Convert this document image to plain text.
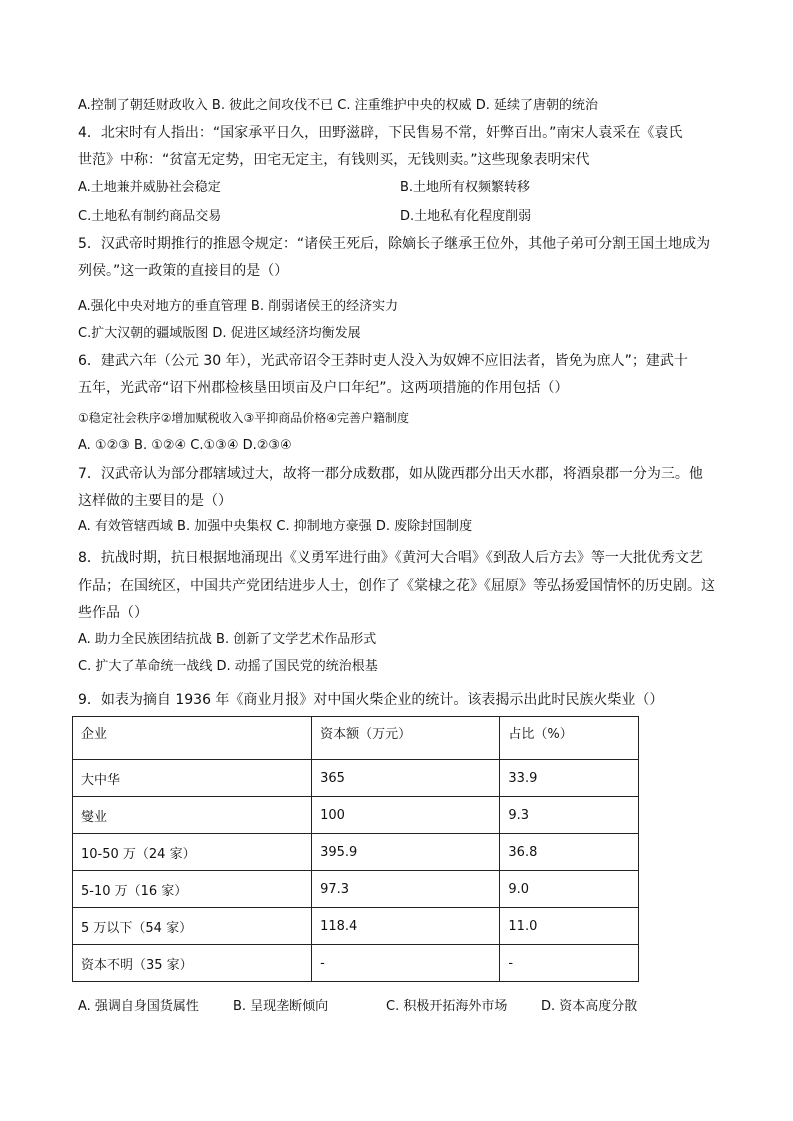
A.控制了朝廷财政收入 B. 彼此之间攻伐不已 C. 注重维护中央的权威 D. 延续了唐朝的统治
4．北宋时有人指出：“国家承平日久，田野滋辟，下民售易不常，奸弊百出。”南宋人袁采在《袁氏
世范》中称：“贫富无定势，田宅无定主，有钱则买，无钱则卖。”这些现象表明宋代
A.土地兼并威胁社会稳定	B.土地所有权频繁转移
C.土地私有制约商品交易	D.土地私有化程度削弱
5．汉武帝时期推行的推恩令规定：“诸侯王死后，除嫡长子继承王位外，其他子弟可分割王国土地成为
列侯。”这一政策的直接目的是（）
A.强化中央对地方的垂直管理 B. 削弱诸侯王的经济实力
C.扩大汉朝的疆域版图 D. 促进区域经济均衡发展
6．建武六年（公元 30 年），光武帝诏令王莽时吏人没入为奴婢不应旧法者，皆免为庶人”；建武十
五年，光武帝“诏下州郡检核垦田顷亩及户口年纪”。这两项措施的作用包括（）
①稳定社会秩序②增加赋税收入③平抑商品价格④完善户籍制度
A. ①②③ B. ①②④ C.①③④ D.②③④
7．汉武帝认为部分郡辖域过大，故将一郡分成数郡，如从陇西郡分出天水郡，将酒泉郡一分为三。他
这样做的主要目的是（）
A. 有效管辖西域 B. 加强中央集权 C. 抑制地方豪强 D. 废除封国制度
8．抗战时期，抗日根据地涌现出《义勇军进行曲》《黄河大合唱》《到敌人后方去》等一大批优秀文艺
作品；在国统区，中国共产党团结进步人士，创作了《棠棣之花》《屈原》等弘扬爱国情怀的历史剧。这
些作品（）
A. 助力全民族团结抗战 B. 创新了文学艺术作品形式
C. 扩大了革命统一战线 D. 动摇了国民党的统治根基
9．如表为摘自 1936 年《商业月报》对中国火柴企业的统计。该表揭示出此时民族火柴业（）
企业	资本额（万元）	占比（%）
大中华	365	33.9
燮业	100	9.3
10-50 万（24 家）	395.9	36.8
5-10 万（16 家）	97.3	9.0
5 万以下（54 家）	118.4	11.0
资本不明（35 家）	-	-
A. 强调自身国货属性	B. 呈现垄断倾向	C. 积极开拓海外市场	D. 资本高度分散
